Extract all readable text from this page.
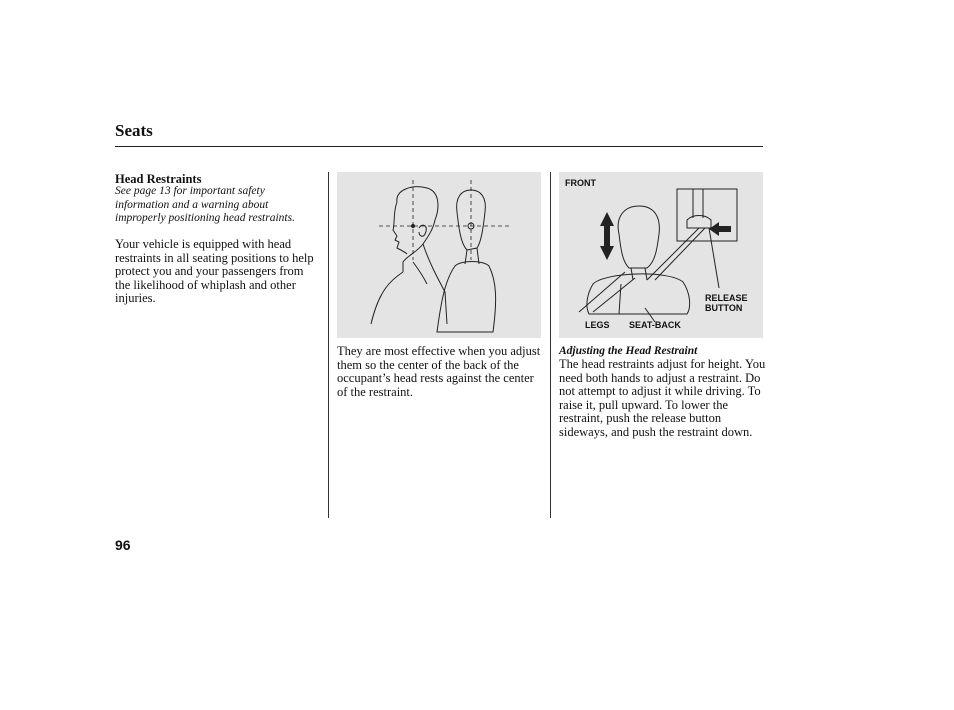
Seats
Head Restraints
See page 13 for important safety information and a warning about improperly positioning head restraints.
Your vehicle is equipped with head restraints in all seating positions to help protect you and your passengers from the likelihood of whiplash and other injuries.
They are most effective when you adjust them so the center of the back of the occupant’s head rests against the center of the restraint.
FRONT
RELEASE BUTTON
LEGS SEAT-BACK
Adjusting the Head Restraint
The head restraints adjust for height. You need both hands to adjust a restraint. Do not attempt to adjust it while driving. To raise it, pull upward. To lower the restraint, push the release button sideways, and push the restraint down.
96
